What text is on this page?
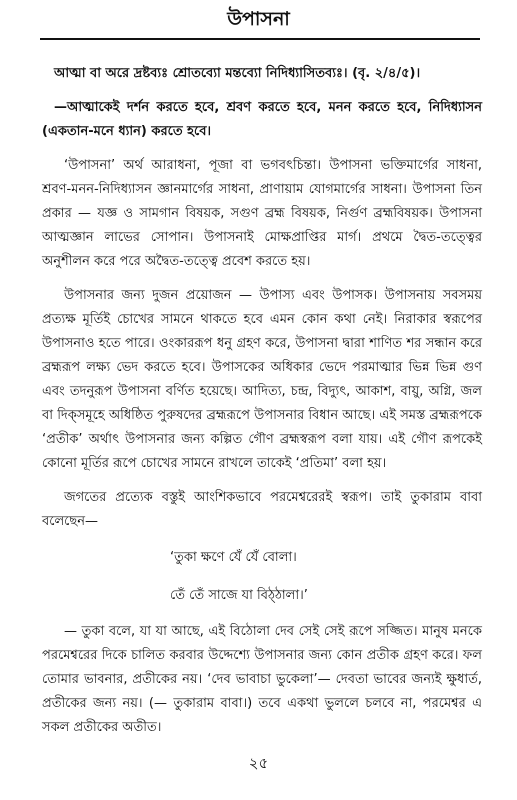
উপাসনা

আত্মা বা অরে দ্রষ্টব্যঃ শ্রোতব্যো মন্তব্যো নিদিধ্যাসিতব্যঃ। (বৃ. ২/৪/৫)।

—আত্মাকেই দর্শন করতে হবে, শ্রবণ করতে হবে, মনন করতে হবে, নিদিধ্যাসন (একতান-মনে ধ্যান) করতে হবে।

‘উপাসনা’ অর্থ আরাধনা, পূজা বা ভগবৎচিন্তা। উপাসনা ভক্তিমার্গের সাধনা, শ্রবণ-মনন-নিদিধ্যাসন জ্ঞানমার্গের সাধনা, প্রাণায়াম যোগমার্গের সাধনা। উপাসনা তিন প্রকার — যজ্ঞ ও সামগান বিষয়ক, সগুণ ব্রহ্ম বিষয়ক, নির্গুণ ব্রহ্মবিষয়ক। উপাসনা আত্মজ্ঞান লাভের সোপান। উপাসনাই মোক্ষপ্রাপ্তির মার্গ। প্রথমে দ্বৈত-তত্ত্বের অনুশীলন করে পরে অদ্বৈত-তত্ত্বে প্রবেশ করতে হয়।

উপাসনার জন্য দুজন প্রয়োজন — উপাস্য এবং উপাসক। উপাসনায় সবসময় প্রত্যক্ষ মূর্তিই চোখের সামনে থাকতে হবে এমন কোন কথা নেই। নিরাকার স্বরূপের উপাসনাও হতে পারে। ওংকাররূপ ধনু গ্রহণ করে, উপাসনা দ্বারা শাণিত শর সন্ধান করে ব্রহ্মরূপ লক্ষ্য ভেদ করতে হবে। উপাসকের অধিকার ভেদে পরমাত্মার ভিন্ন ভিন্ন গুণ এবং তদনুরূপ উপাসনা বর্ণিত হয়েছে। আদিত্য, চন্দ্র, বিদ্যুৎ, আকাশ, বায়ু, অগ্নি, জল বা দিক্‌সমূহে অধিষ্ঠিত পুরুষদের ব্রহ্মরূপে উপাসনার বিধান আছে। এই সমস্ত ব্রহ্মরূপকে ‘প্রতীক’ অর্থাৎ উপাসনার জন্য কল্পিত গৌণ ব্রহ্মস্বরূপ বলা যায়। এই গৌণ রূপকেই কোনো মূর্তির রূপে চোখের সামনে রাখলে তাকেই ‘প্রতিমা’ বলা হয়।

জগতের প্রত্যেক বস্তুই আংশিকভাবে পরমেশ্বরেরই স্বরূপ। তাই তুকারাম বাবা বলেছেন—

‘তুকা ক্ষণে যেঁ যেঁ বোলা।

তেঁ তেঁ সাজে যা বিঠ্‌ঠালা।’

— তুকা বলে, যা যা আছে, এই বিঠোলা দেব সেই সেই রূপে সজ্জিত। মানুষ মনকে পরমেশ্বরের দিকে চালিত করবার উদ্দেশ্যে উপাসনার জন্য কোন প্রতীক গ্রহণ করে। ফল তোমার ভাবনার, প্রতীকের নয়। ‘দেব ভাবাচা ভুকেলা’— দেবতা ভাবের জন্যই ক্ষুধার্ত, প্রতীকের জন্য নয়। (— তুকারাম বাবা।) তবে একথা ভুললে চলবে না, পরমেশ্বর এ সকল প্রতীকের অতীত।

২৫
